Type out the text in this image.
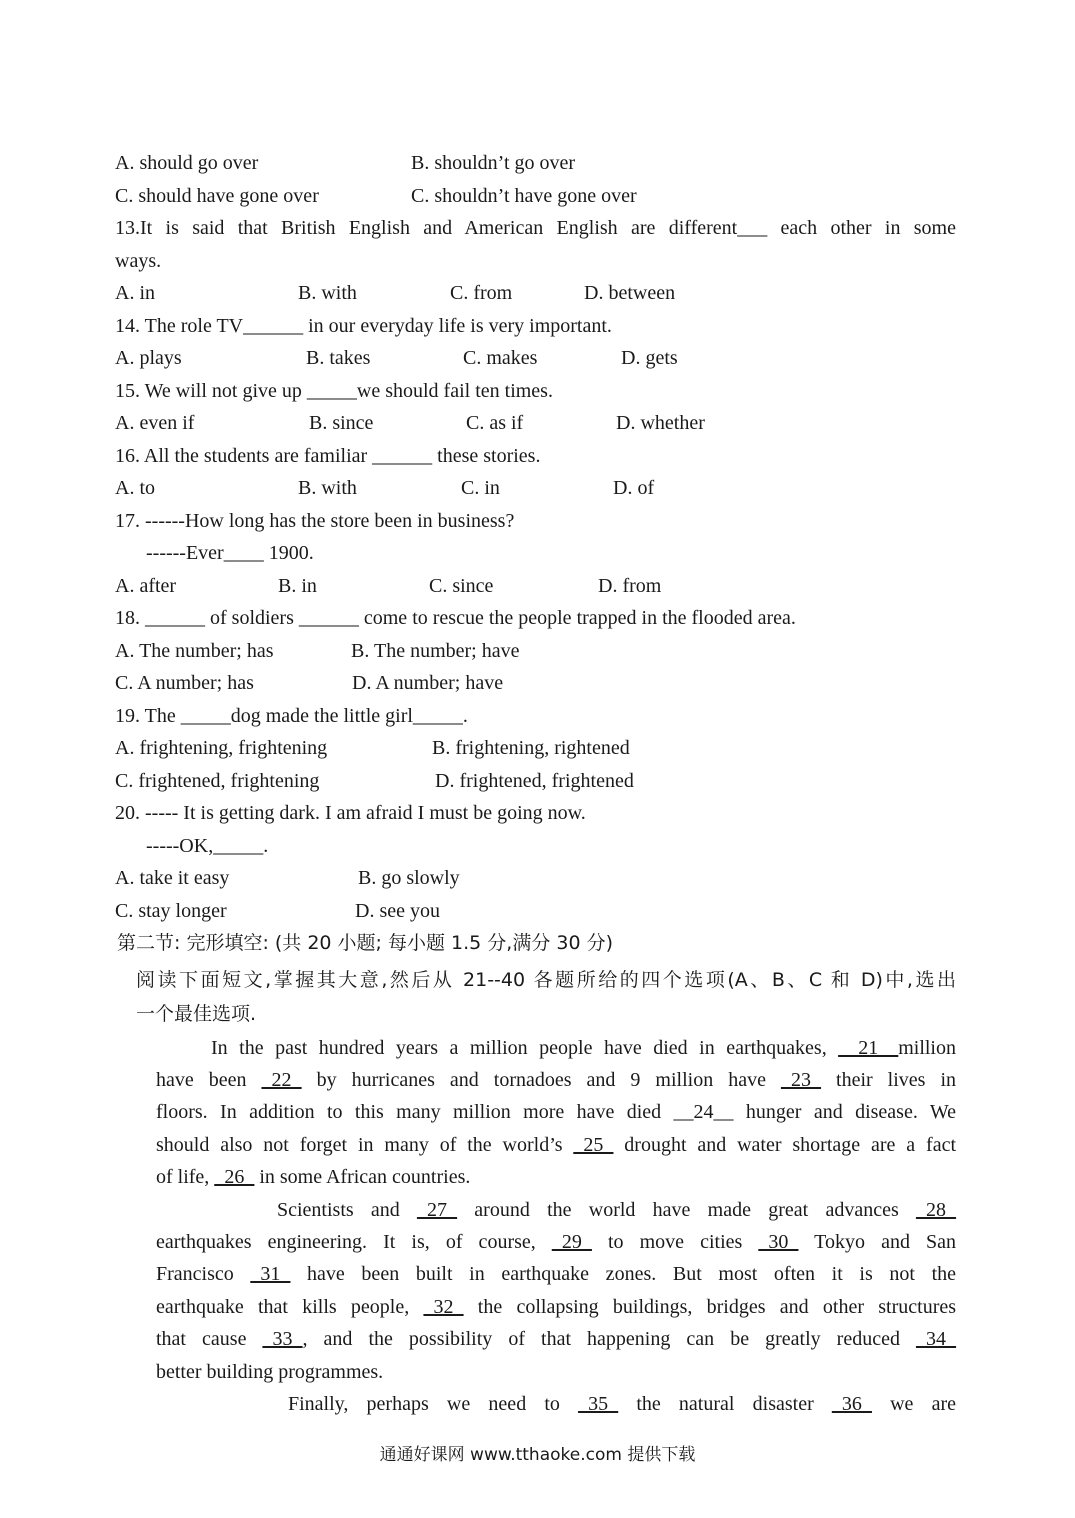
A. should go over	B. shouldn’t go over
C. should have gone over	C. shouldn’t have gone over
13.It is said that British English and American English are different___ each other in some
ways.
A. in	B. with	C. from	D. between
14. The role TV______ in our everyday life is very important.
A. plays	B. takes	C. makes	D. gets
15. We will not give up _____we should fail ten times.
A. even if	B. since	C. as if	D. whether
16. All the students are familiar ______ these stories.
A. to	B. with	C. in	D. of
17. ------How long has the store been in business?
------Ever____ 1900.
A. after	B. in	C. since	D. from
18. ______ of soldiers ______ come to rescue the people trapped in the flooded area.
A. The number; has	B. The number; have
C. A number; has	D. A number; have
19. The _____dog made the little girl_____.
A. frightening, frightening	B. frightening, rightened
C. frightened, frightening	D. frightened, frightened
20. ----- It is getting dark. I am afraid I must be going now.
-----OK,_____.
A. take it easy	B. go slowly
C. stay longer	D. see you
第二节: 完形填空: (共 20 小题; 每小题 1.5 分,满分 30 分)
阅读下面短文,掌握其大意,然后从 21--40 各题所给的四个选项(A、B、C 和 D)中,选出
一个最佳选项.
In the past hundred years a million people have died in earthquakes, __21__million
have been _22_ by hurricanes and tornadoes and 9 million have _23_ their lives in
floors. In addition to this many million more have died __24__ hunger and disease. We
should also not forget in many of the world’s _25_ drought and water shortage are a fact
of life, _26_ in some African countries.
Scientists and _27_ around the world have made great advances _28_
earthquakes engineering. It is, of course, _29_ to move cities _30_ Tokyo and San
Francisco _31_ have been built in earthquake zones. But most often it is not the
earthquake that kills people, _32_ the collapsing buildings, bridges and other structures
that cause _33_, and the possibility of that happening can be greatly reduced _34_
better building programmes.
Finally, perhaps we need to _35_ the natural disaster _36_ we are
通通好课网 www.tthaoke.com 提供下载
